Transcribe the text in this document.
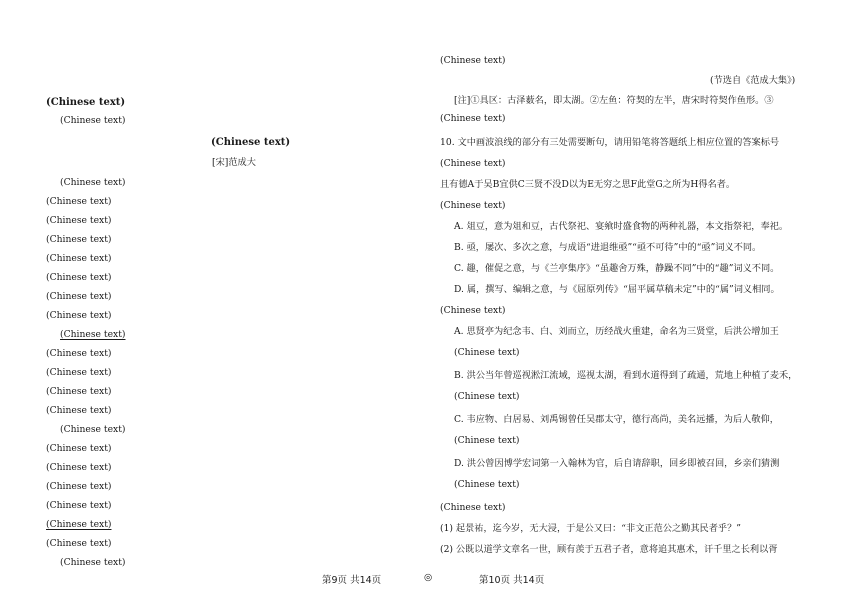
(Chinese text)
(Chinese text)
(Chinese text)
[宋]范成大
(Chinese text)
(Chinese text)
(Chinese text)
(Chinese text)
(Chinese text)
(Chinese text)
(Chinese text)
(Chinese text)
(Chinese text)
(Chinese text)
(Chinese text)
(Chinese text)
(Chinese text)
(Chinese text)
(Chinese text)
(Chinese text)
(Chinese text)
(Chinese text)
(Chinese text)
(Chinese text)
(Chinese text)
(Chinese text)
(节选自《范成大集》)
[注]①具区：古泽薮名，即太湖。②左鱼：符契的左半，唐宋时符契作鱼形。③
(Chinese text)
10. 文中画波浪线的部分有三处需要断句，请用铅笔将答题纸上相应位置的答案标号
(Chinese text)
且有德A于吴B宜供C三贤不没D以为E无穷之思F此堂G之所为H得名者。
(Chinese text)
A. 俎豆，意为俎和豆，古代祭祀、宴飨时盛食物的两种礼器，本文指祭祀，奉祀。
B. 亟，屡次、多次之意，与成语“进退维亟”“亟不可待”中的“亟”词义不同。
C. 趣，催促之意，与《兰亭集序》“虽趣舍万殊，静躁不同”中的“趣”词义不同。
D. 属，撰写、编辑之意，与《屈原列传》“屈平属草稿未定”中的“属”词义相同。
(Chinese text)
A. 思贤亭为纪念韦、白、刘而立，历经战火重建，命名为三贤堂，后洪公增加王
(Chinese text)
B. 洪公当年曾巡视淞江流域，巡视太湖，看到水道得到了疏通，荒地上种植了麦禾，
(Chinese text)
C. 韦应物、白居易、刘禹锡曾任吴郡太守，德行高尚，美名远播，为后人敬仰，
(Chinese text)
D. 洪公曾因博学宏词第一入翰林为官，后自请辞职，回乡即被召回，乡亲们猜测
(Chinese text)
(Chinese text)
(1) 起景祐，迄今岁，无大浸，于是公又曰：“非文正范公之勤其民者乎？”
(2) 公既以道学文章名一世，顾有羡于五君子者，意将追其惠术，讦千里之长利以胥
第9页 共14页	◎	第10页 共14页
